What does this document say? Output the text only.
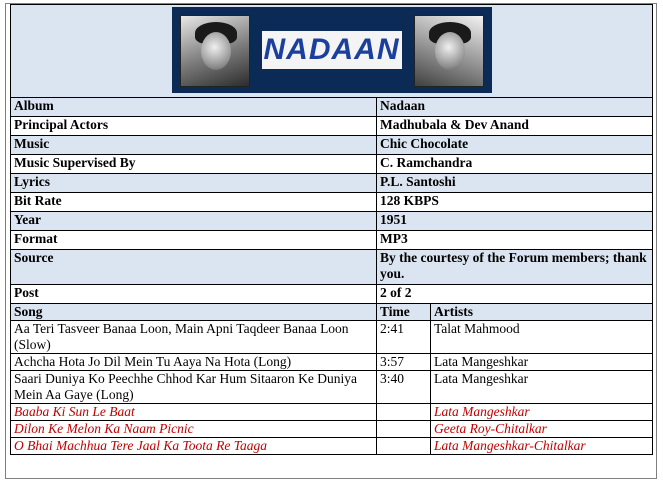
NADAAN		

Album	Nadaan	
Principal Actors	Madhubala & Dev Anand	
Music	Chic Chocolate	
Music Supervised By	C. Ramchandra	
Lyrics	P.L. Santoshi	
Bit Rate	128 KBPS	
Year	1951	
Format	MP3	
Source	By the courtesy of the Forum members; thank you.	
Post	2 of 2	
Song	Time	Artists
Aa Teri Tasveer Banaa Loon, Main Apni Taqdeer Banaa Loon (Slow)	2:41	Talat Mahmood
Achcha Hota Jo Dil Mein Tu Aaya Na Hota (Long)	3:57	Lata Mangeshkar
Saari Duniya Ko Peechhe Chhod Kar Hum Sitaaron Ke Duniya Mein Aa Gaye (Long)	3:40	Lata Mangeshkar
Baaba Ki Sun Le Baat		Lata Mangeshkar
Dilon Ke Melon Ka Naam Picnic		Geeta Roy-Chitalkar
O Bhai Machhua Tere Jaal Ka Toota Re Taaga		Lata Mangeshkar-Chitalkar
